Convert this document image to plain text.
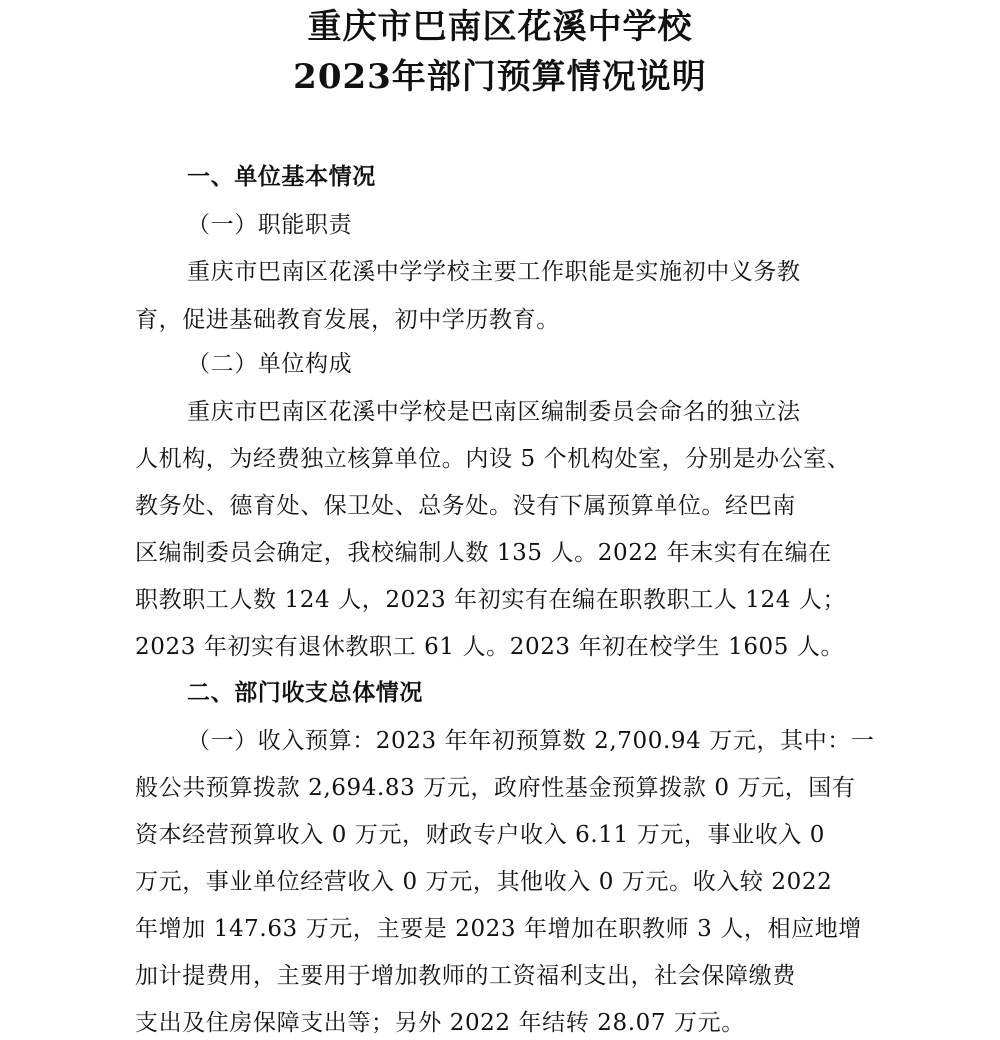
重庆市巴南区花溪中学校
2023年部门预算情况说明
一、单位基本情况
（一）职能职责
重庆市巴南区花溪中学学校主要工作职能是实施初中义务教
育，促进基础教育发展，初中学历教育。
（二）单位构成
重庆市巴南区花溪中学校是巴南区编制委员会命名的独立法
人机构，为经费独立核算单位。内设 5 个机构处室，分别是办公室、
教务处、德育处、保卫处、总务处。没有下属预算单位。经巴南
区编制委员会确定，我校编制人数 135 人。2022 年末实有在编在
职教职工人数 124 人，2023 年初实有在编在职教职工人 124 人；
2023 年初实有退休教职工 61 人。2023 年初在校学生 1605 人。
二、部门收支总体情况
（一）收入预算：2023 年年初预算数 2,700.94 万元，其中：一
般公共预算拨款 2,694.83 万元，政府性基金预算拨款 0 万元，国有
资本经营预算收入 0 万元，财政专户收入 6.11 万元，事业收入 0
万元，事业单位经营收入 0 万元，其他收入 0 万元。收入较 2022
年增加 147.63 万元，主要是 2023 年增加在职教师 3 人，相应地增
加计提费用，主要用于增加教师的工资福利支出，社会保障缴费
支出及住房保障支出等；另外 2022 年结转 28.07 万元。
